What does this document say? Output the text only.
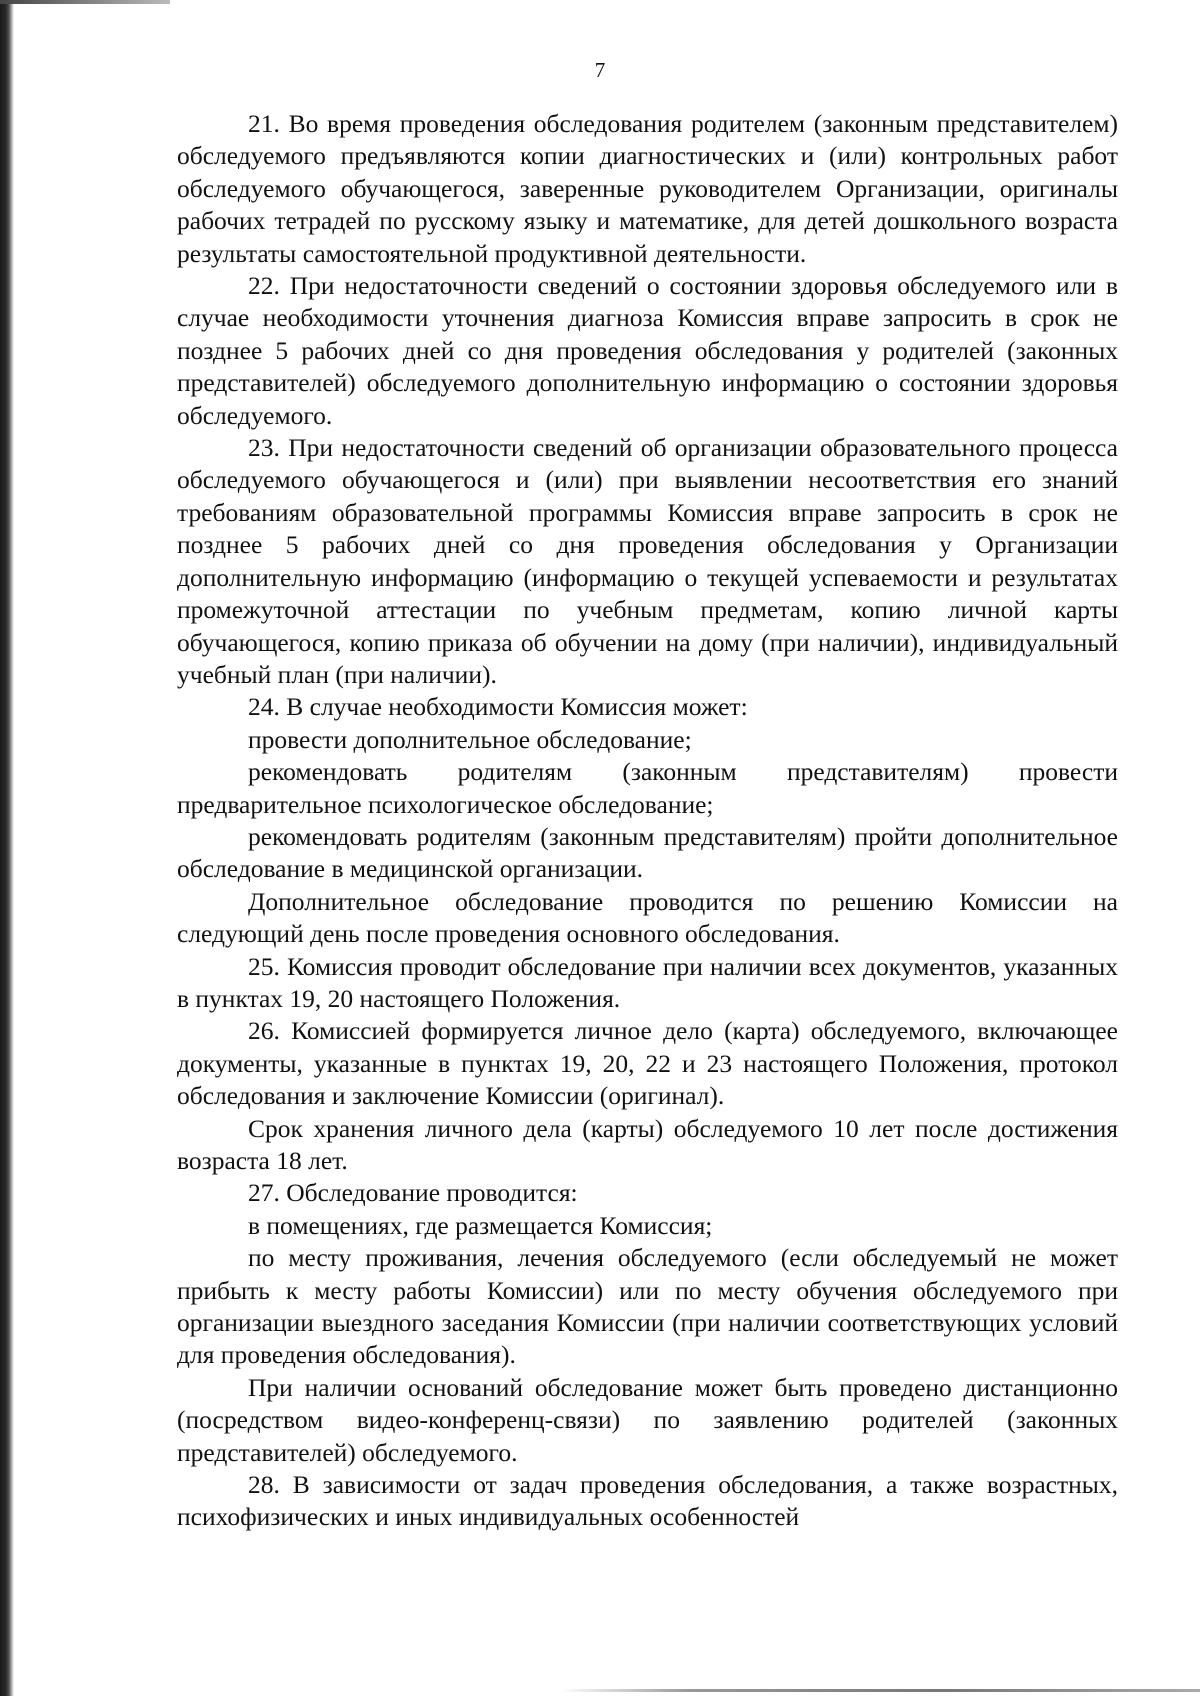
7

21. Во время проведения обследования родителем (законным представителем) обследуемого предъявляются копии диагностических и (или) контрольных работ обследуемого обучающегося, заверенные руководителем Организации, оригиналы рабочих тетрадей по русскому языку и математике, для детей дошкольного возраста результаты самостоятельной продуктивной деятельности.

22. При недостаточности сведений о состоянии здоровья обследуемого или в случае необходимости уточнения диагноза Комиссия вправе запросить в срок не позднее 5 рабочих дней со дня проведения обследования у родителей (законных представителей) обследуемого дополнительную информацию о состоянии здоровья обследуемого.

23. При недостаточности сведений об организации образовательного процесса обследуемого обучающегося и (или) при выявлении несоответствия его знаний требованиям образовательной программы Комиссия вправе запросить в срок не позднее 5 рабочих дней со дня проведения обследования у Организации дополнительную информацию (информацию о текущей успеваемости и результатах промежуточной аттестации по учебным предметам, копию личной карты обучающегося, копию приказа об обучении на дому (при наличии), индивидуальный учебный план (при наличии).

24. В случае необходимости Комиссия может:

провести дополнительное обследование;

рекомендовать родителям (законным представителям) провести предварительное психологическое обследование;

рекомендовать родителям (законным представителям) пройти дополнительное обследование в медицинской организации.

Дополнительное обследование проводится по решению Комиссии на следующий день после проведения основного обследования.

25. Комиссия проводит обследование при наличии всех документов, указанных в пунктах 19, 20 настоящего Положения.

26. Комиссией формируется личное дело (карта) обследуемого, включающее документы, указанные в пунктах 19, 20, 22 и 23 настоящего Положения, протокол обследования и заключение Комиссии (оригинал).

Срок хранения личного дела (карты) обследуемого 10 лет после достижения возраста 18 лет.

27. Обследование проводится:

в помещениях, где размещается Комиссия;

по месту проживания, лечения обследуемого (если обследуемый не может прибыть к месту работы Комиссии) или по месту обучения обследуемого при организации выездного заседания Комиссии (при наличии соответствующих условий для проведения обследования).

При наличии оснований обследование может быть проведено дистанционно (посредством видео-конференц-связи) по заявлению родителей (законных представителей) обследуемого.

28. В зависимости от задач проведения обследования, а также возрастных, психофизических и иных индивидуальных особенностей
